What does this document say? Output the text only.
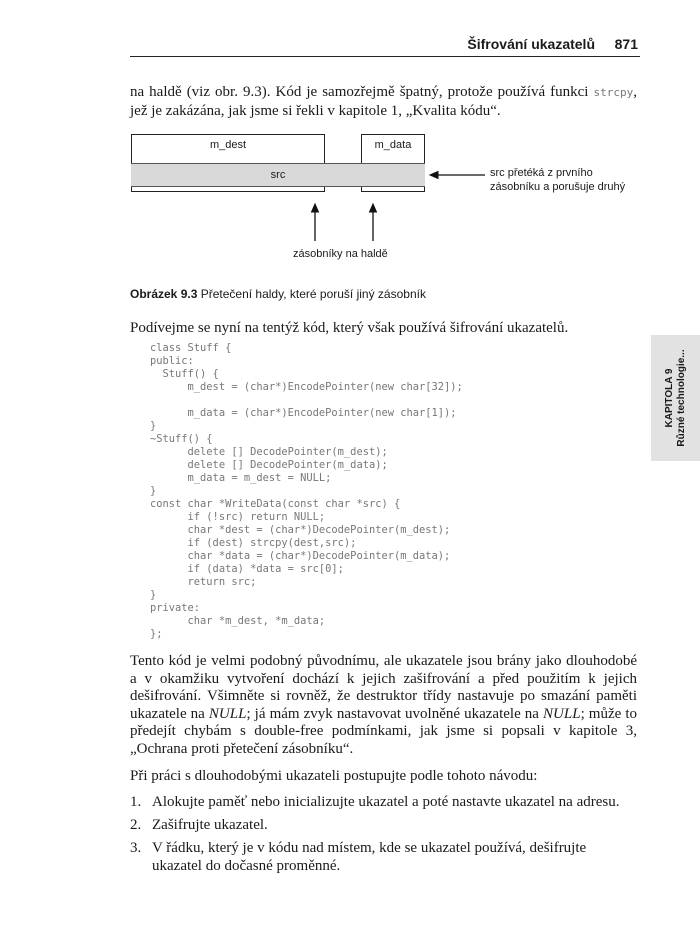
Šifrování ukazatelů 871
KAPITOLA 9 Různé technologie...

na haldě (viz obr. 9.3). Kód je samozřejmě špatný, protože používá funkci strcpy, jež je zakázána, jak jsme si řekli v kapitole 1, „Kvalita kódu“.

m_dest	m_data
src	src přetéká z prvního zásobníku a porušuje druhý
zásobníky na haldě
Obrázek 9.3 Přetečení haldy, které poruší jiný zásobník

Podívejme se nyní na tentýž kód, který však používá šifrování ukazatelů.

class Stuff {
public:
Stuff() {
m_dest = (char*)EncodePointer(new char[32]);

m_data = (char*)EncodePointer(new char[1]);
}
~Stuff() {
delete [] DecodePointer(m_dest);
delete [] DecodePointer(m_data);
m_data = m_dest = NULL;
}
const char *WriteData(const char *src) {
if (!src) return NULL;
char *dest = (char*)DecodePointer(m_dest);
if (dest) strcpy(dest,src);
char *data = (char*)DecodePointer(m_data);
if (data) *data = src[0];
return src;
}
private:
char *m_dest, *m_data;
};

Tento kód je velmi podobný původnímu, ale ukazatele jsou brány jako dlouhodobé a v okamžiku vytvoření dochází k jejich zašifrování a před použitím k jejich dešifrování. Všimněte si rovněž, že destruktor třídy nastavuje po smazání paměti ukazatele na NULL; já mám zvyk nastavovat uvolněné ukazatele na NULL; může to předejít chybám s double-free podmínkami, jak jsme si popsali v kapitole 3, „Ochrana proti přetečení zásobníku“.

Při práci s dlouhodobými ukazateli postupujte podle tohoto návodu:

1. Alokujte paměť nebo inicializujte ukazatel a poté nastavte ukazatel na adresu.
2. Zašifrujte ukazatel.
3. V řádku, který je v kódu nad místem, kde se ukazatel používá, dešifrujte ukazatel do dočasné proměnné.
